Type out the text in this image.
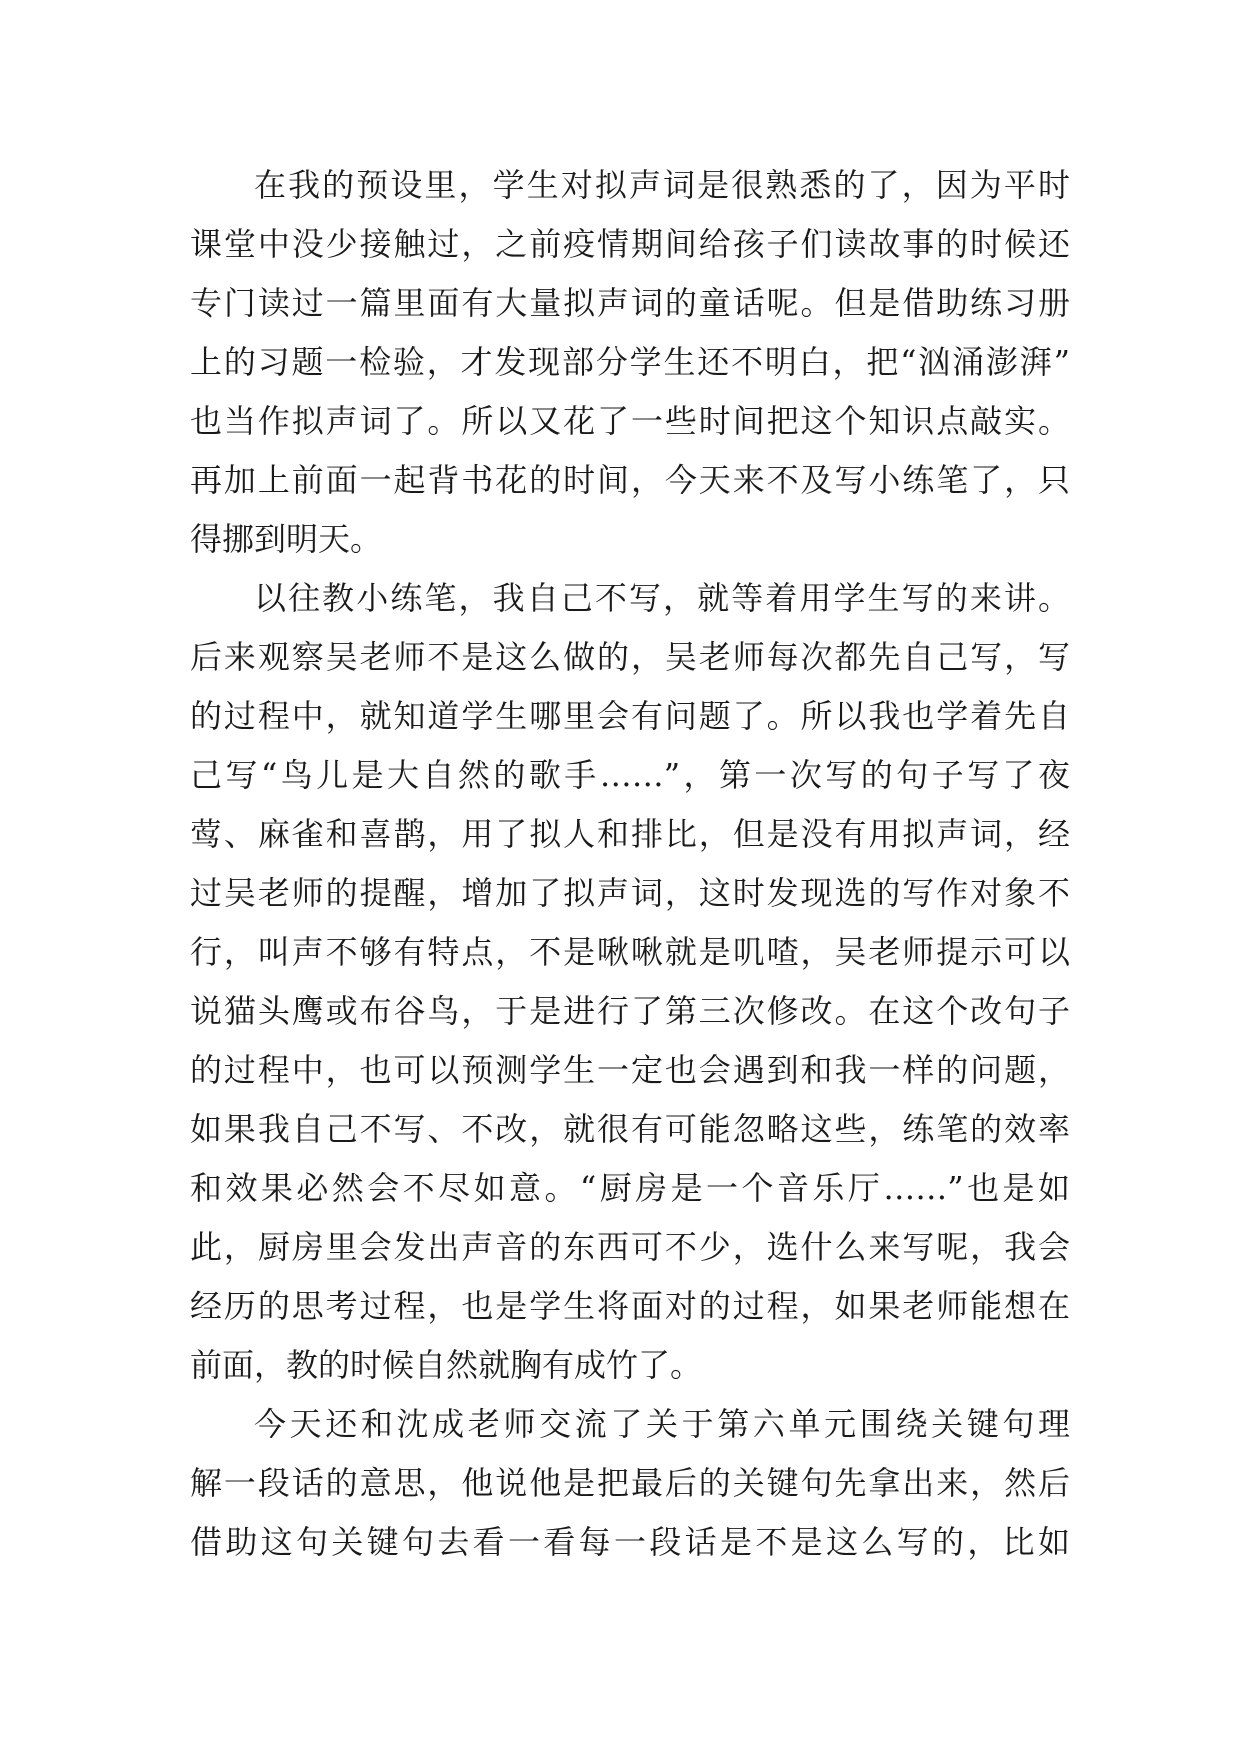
在我的预设里，学生对拟声词是很熟悉的了，因为平时
课堂中没少接触过，之前疫情期间给孩子们读故事的时候还
专门读过一篇里面有大量拟声词的童话呢。但是借助练习册
上的习题一检验，才发现部分学生还不明白，把“汹涌澎湃”
也当作拟声词了。所以又花了一些时间把这个知识点敲实。
再加上前面一起背书花的时间，今天来不及写小练笔了，只
得挪到明天。
以往教小练笔，我自己不写，就等着用学生写的来讲。
后来观察吴老师不是这么做的，吴老师每次都先自己写，写
的过程中，就知道学生哪里会有问题了。所以我也学着先自
己写“鸟儿是大自然的歌手……”，第一次写的句子写了夜
莺、麻雀和喜鹊，用了拟人和排比，但是没有用拟声词，经
过吴老师的提醒，增加了拟声词，这时发现选的写作对象不
行，叫声不够有特点，不是啾啾就是叽喳，吴老师提示可以
说猫头鹰或布谷鸟，于是进行了第三次修改。在这个改句子
的过程中，也可以预测学生一定也会遇到和我一样的问题，
如果我自己不写、不改，就很有可能忽略这些，练笔的效率
和效果必然会不尽如意。“厨房是一个音乐厅……”也是如
此，厨房里会发出声音的东西可不少，选什么来写呢，我会
经历的思考过程，也是学生将面对的过程，如果老师能想在
前面，教的时候自然就胸有成竹了。
今天还和沈成老师交流了关于第六单元围绕关键句理
解一段话的意思，他说他是把最后的关键句先拿出来，然后
借助这句关键句去看一看每一段话是不是这么写的，比如
